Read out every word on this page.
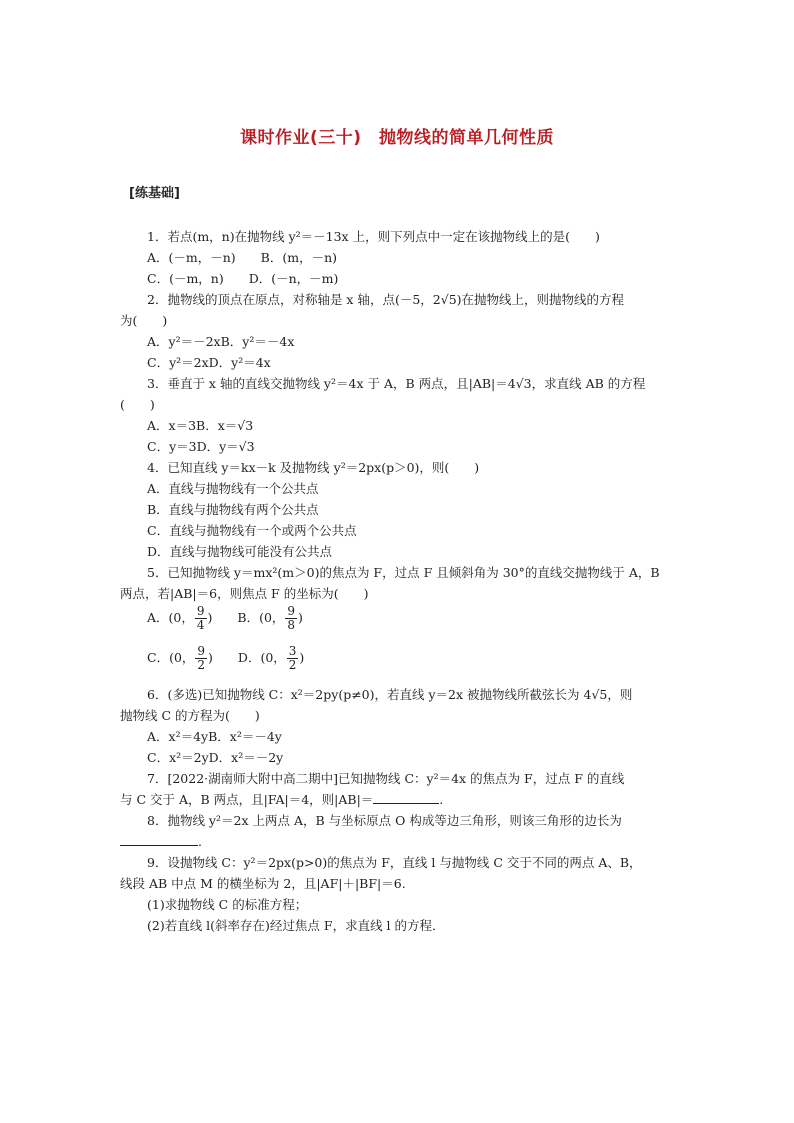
课时作业(三十)　抛物线的简单几何性质
[练基础]
1．若点(m，n)在抛物线 y²＝－13x 上，则下列点中一定在该抛物线上的是(　　)
A．(－m，－n)　　B．(m，－n)
C．(－m，n)　　D．(－n，－m)
2．抛物线的顶点在原点，对称轴是 x 轴，点(－5，2√5)在抛物线上，则抛物线的方程
为(　　)
A．y²＝－2xB．y²＝－4x
C．y²＝2xD．y²＝4x
3．垂直于 x 轴的直线交抛物线 y²＝4x 于 A，B 两点，且|AB|＝4√3，求直线 AB 的方程
(　　)
A．x＝3B．x＝√3
C．y＝3D．y＝√3
4．已知直线 y＝kx－k 及抛物线 y²＝2px(p＞0)，则(　　)
A．直线与抛物线有一个公共点
B．直线与抛物线有两个公共点
C．直线与抛物线有一个或两个公共点
D．直线与抛物线可能没有公共点
5．已知抛物线 y＝mx²(m＞0)的焦点为 F，过点 F 且倾斜角为 30°的直线交抛物线于 A，B
两点，若|AB|＝6，则焦点 F 的坐标为(　　)
A．(0， $\frac{9}{4}$ )　　B．(0， $\frac{9}{8}$ )
C．(0， $\frac{9}{2}$ )　　D．(0， $\frac{3}{2}$ )
6．(多选)已知抛物线 C：x²＝2py(p≠0)，若直线 y＝2x 被抛物线所截弦长为 4√5，则
抛物线 C 的方程为(　　)
A．x²＝4yB．x²＝－4y
C．x²＝2yD．x²＝－2y
7．[2022·湖南师大附中高二期中]已知抛物线 C：y²＝4x 的焦点为 F，过点 F 的直线
与 C 交于 A，B 两点，且|FA|＝4，则|AB|＝	.
8．抛物线 y²＝2x 上两点 A，B 与坐标原点 O 构成等边三角形，则该三角形的边长为
.
9．设抛物线 C：y²＝2px(p>0)的焦点为 F，直线 l 与抛物线 C 交于不同的两点 A、B，
线段 AB 中点 M 的横坐标为 2，且|AF|＋|BF|＝6.
(1)求抛物线 C 的标准方程；
(2)若直线 l(斜率存在)经过焦点 F，求直线 l 的方程．
